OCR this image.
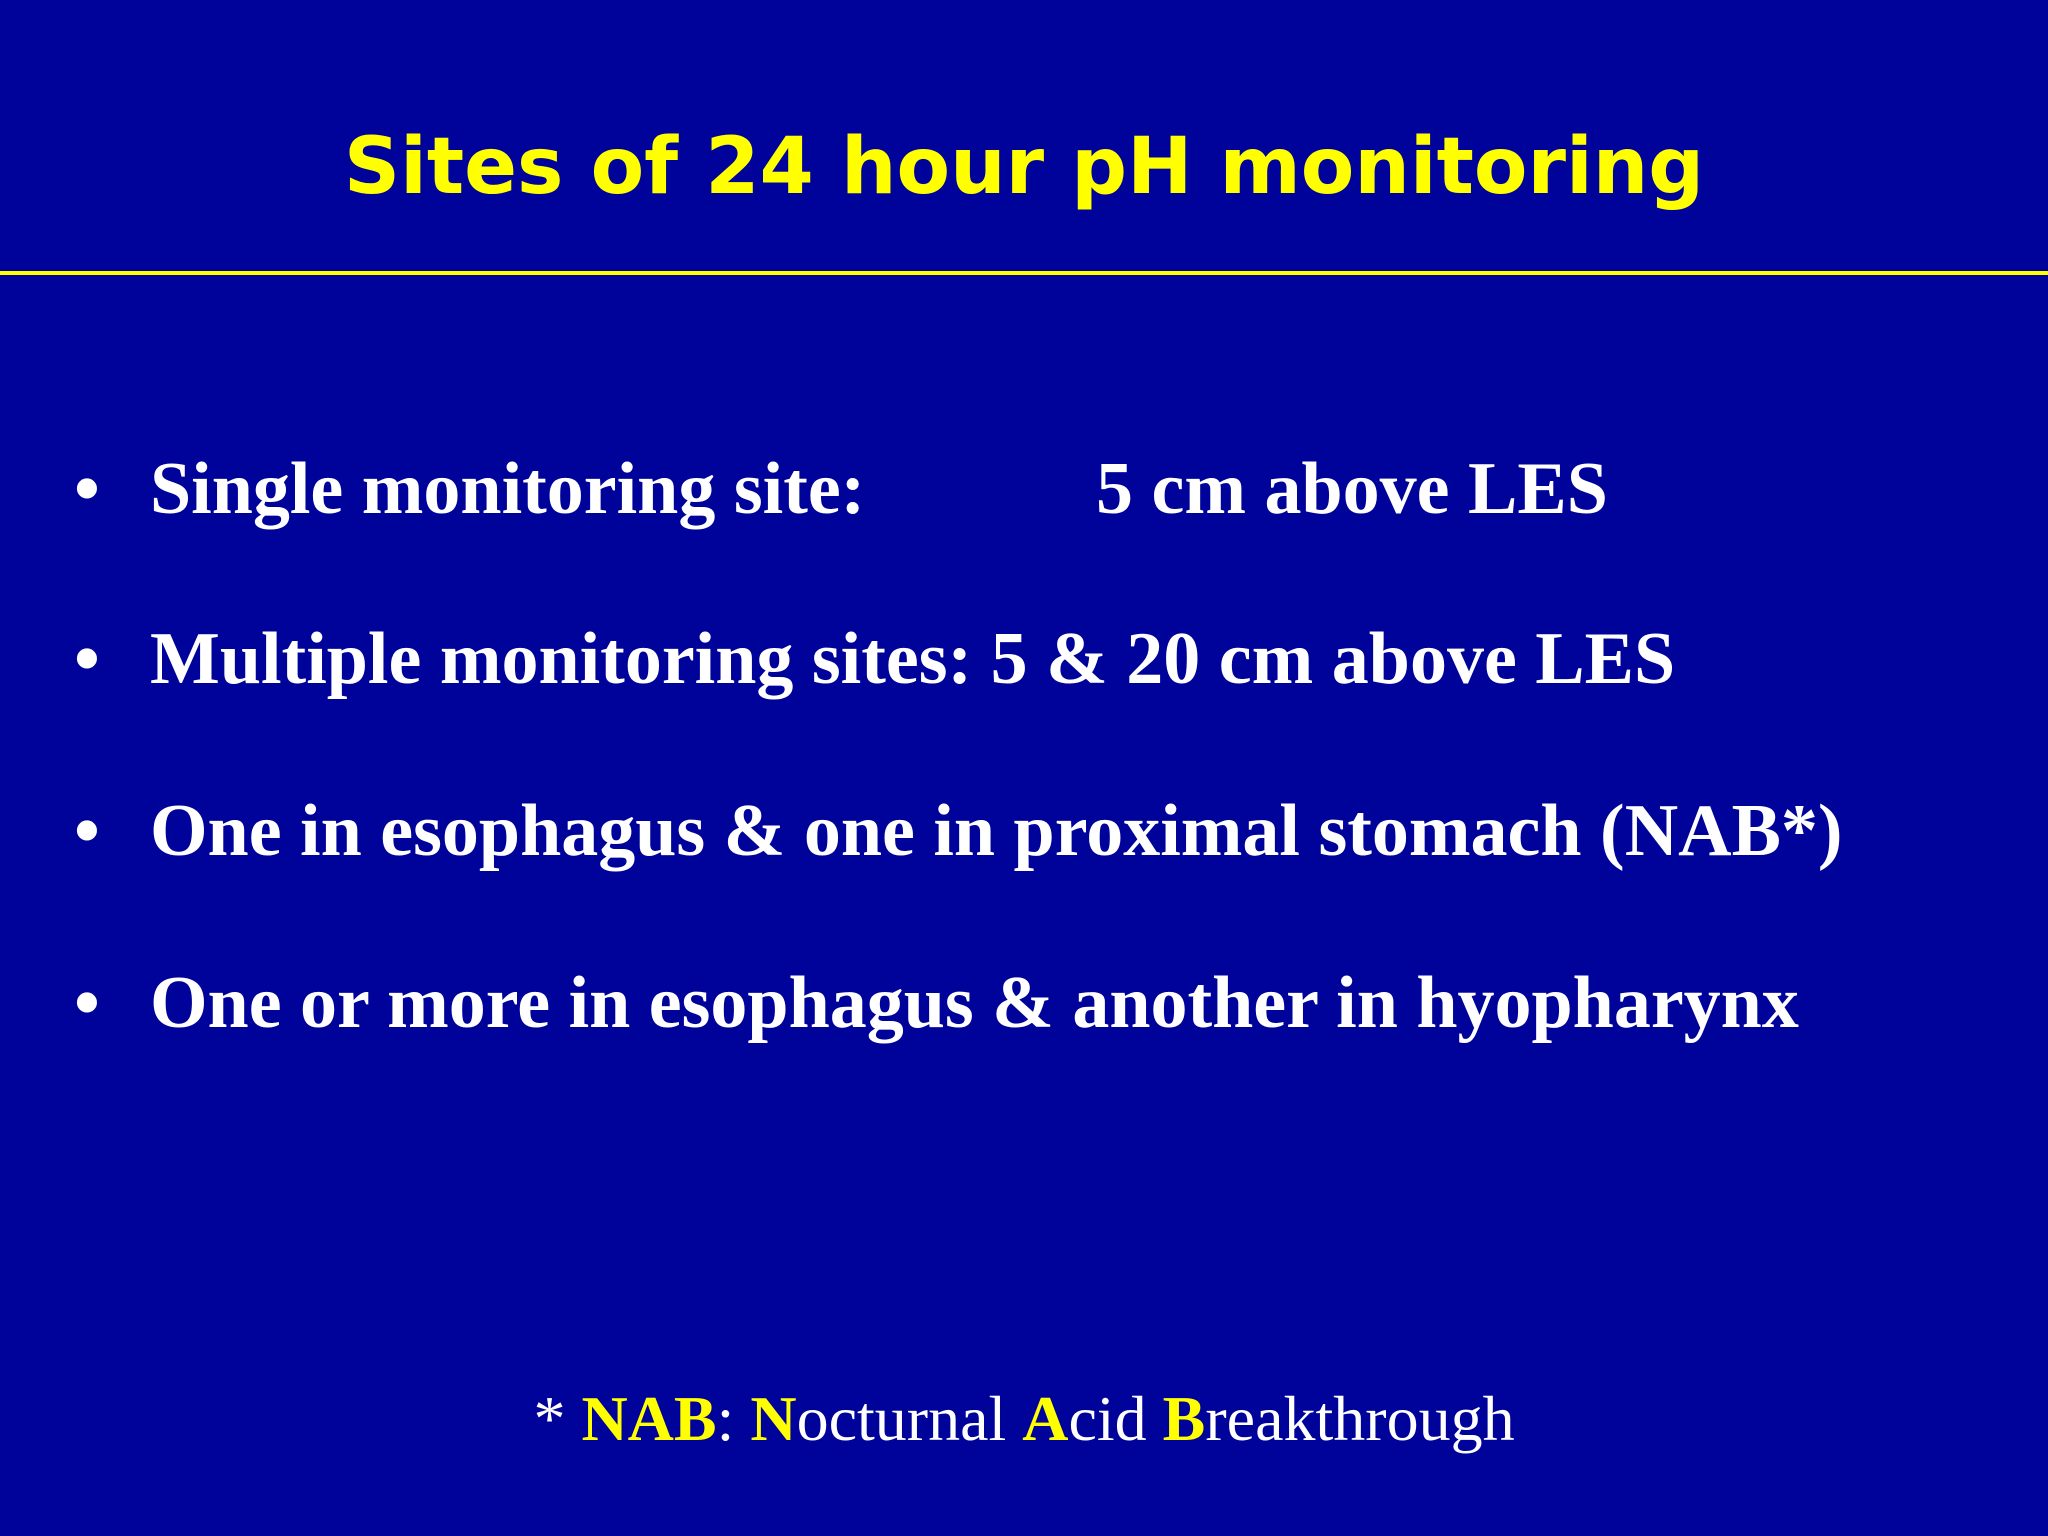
Sites of 24 hour pH monitoring
• Single monitoring site:	5 cm above LES
• Multiple monitoring sites: 5 & 20 cm above LES
• One in esophagus & one in proximal stomach (NAB*)
• One or more in esophagus & another in hyopharynx
* NAB: Nocturnal Acid Breakthrough
